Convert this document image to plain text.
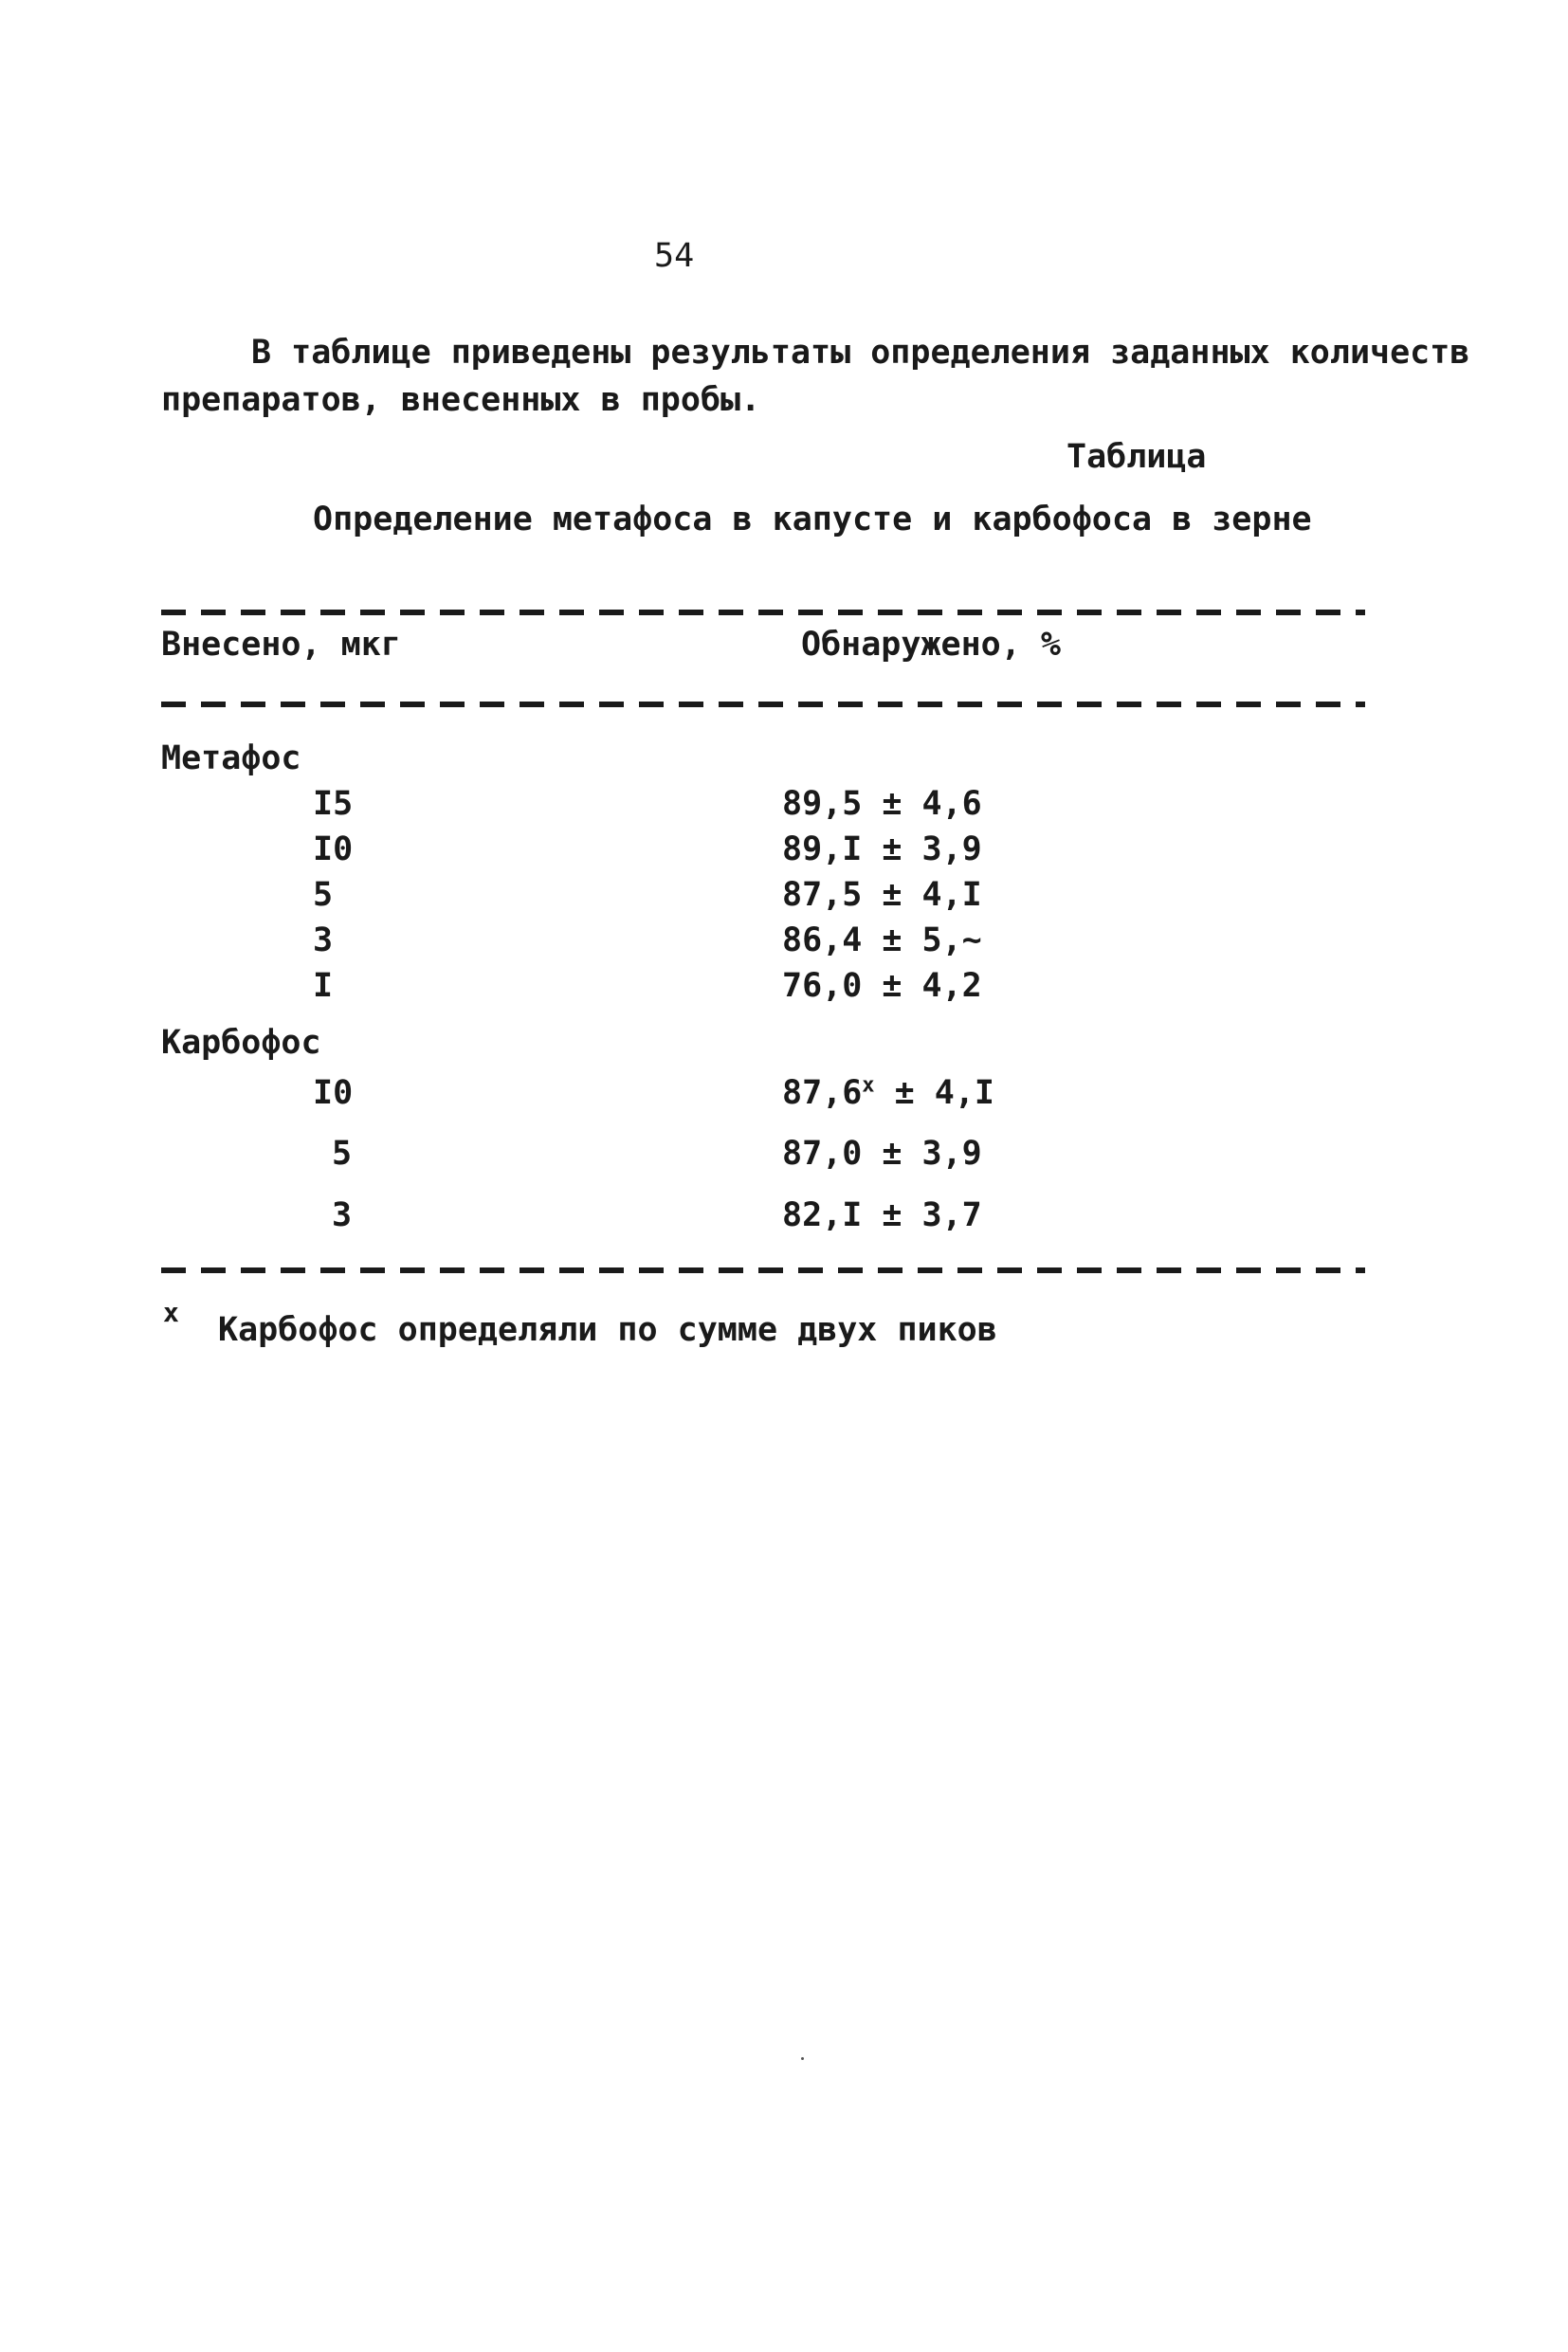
54
В таблице приведены результаты определения заданных количеств
препаратов, внесенных в пробы.
Таблица
Определение метафоса в капусте и карбофоса в зерне
Внесено, мкг	Обнаружено, %
Метафос
I5	89,5 ± 4,6
I0	89,I ± 3,9
5	87,5 ± 4,I
3	86,4 ± 5,~
I	76,0 ± 4,2
Карбофос
I0	$87,6^x \pm 4,I$
5	87,0 ± 3,9
3	82,I ± 3,7
x Карбофос определяли по сумме двух пиков
